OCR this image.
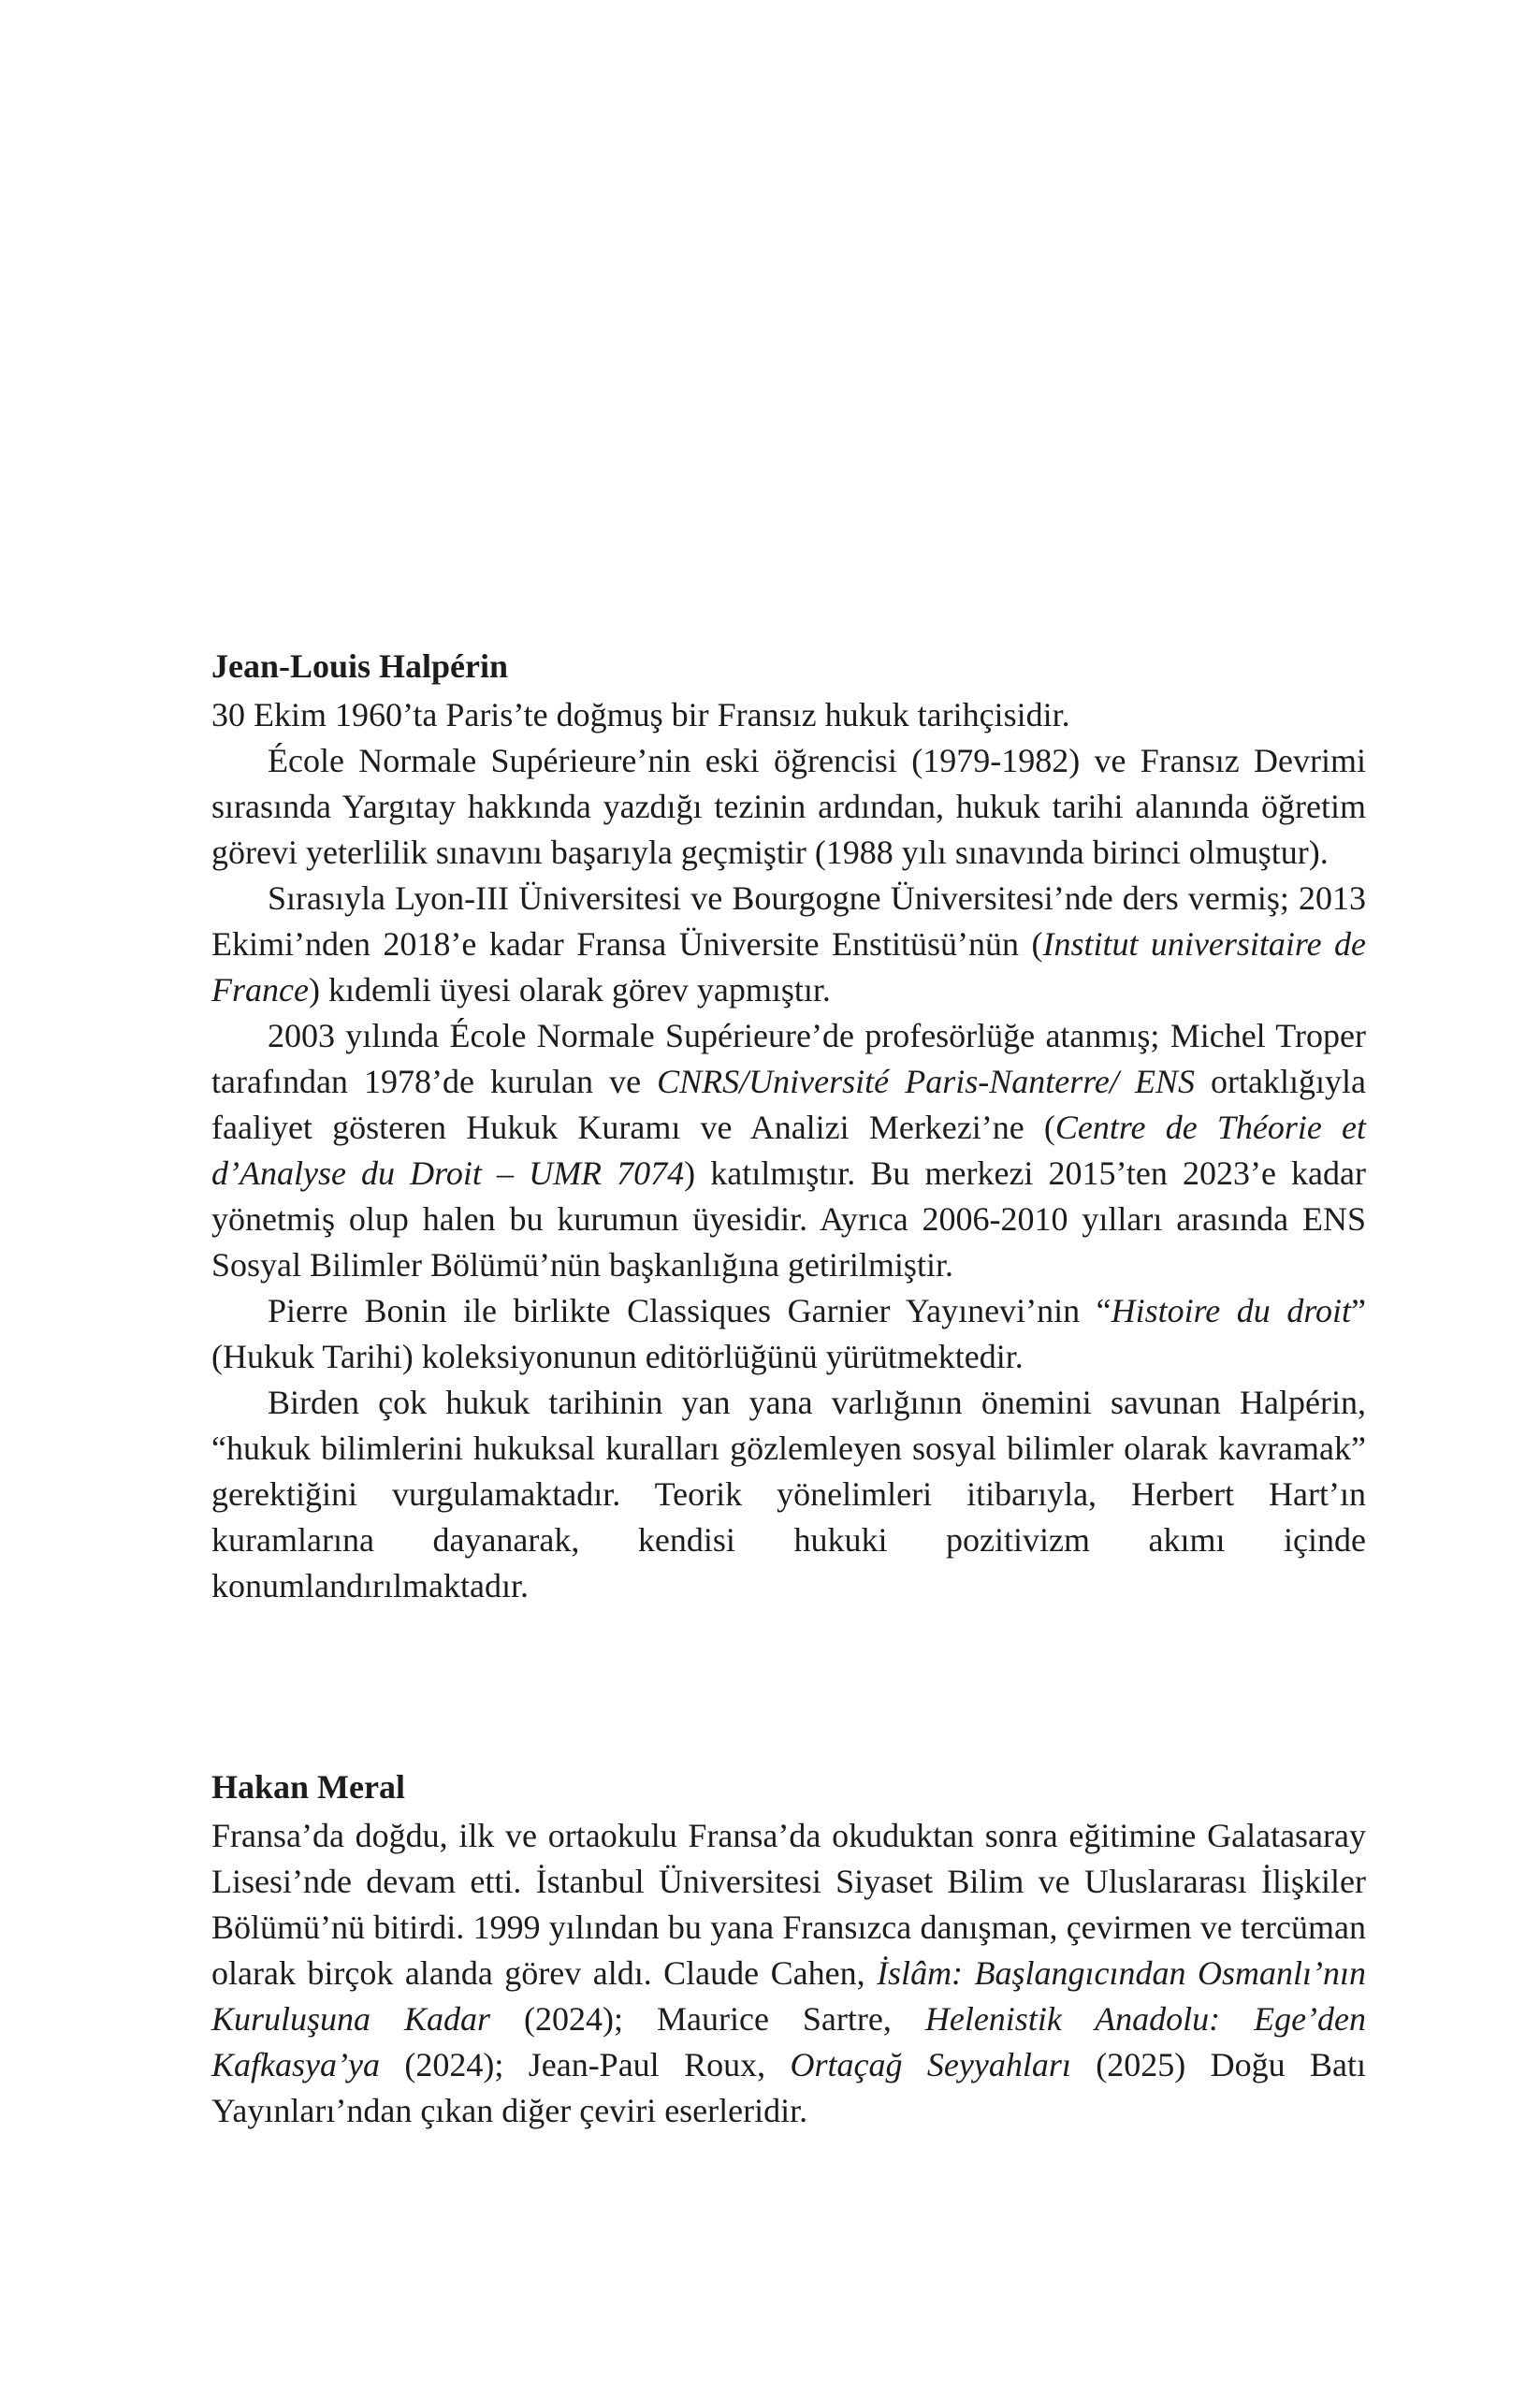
Jean-Louis Halpérin

30 Ekim 1960’ta Paris’te doğmuş bir Fransız hukuk tarihçisidir.

École Normale Supérieure’nin eski öğrencisi (1979-1982) ve Fransız Devrimi sırasında Yargıtay hakkında yazdığı tezinin ardından, hukuk tarihi alanında öğretim görevi yeterlilik sınavını başarıyla geçmiştir (1988 yılı sınavında birinci olmuştur).

Sırasıyla Lyon-III Üniversitesi ve Bourgogne Üniversitesi’nde ders vermiş; 2013 Ekimi’nden 2018’e kadar Fransa Üniversite Enstitüsü’nün (Institut universitaire de France) kıdemli üyesi olarak görev yapmıştır.

2003 yılında École Normale Supérieure’de profesörlüğe atanmış; Michel Troper tarafından 1978’de kurulan ve CNRS/Université Paris-Nanterre/ ENS ortaklığıyla faaliyet gösteren Hukuk Kuramı ve Analizi Merkezi’ne (Centre de Théorie et d’Analyse du Droit – UMR 7074) katılmıştır. Bu merkezi 2015’ten 2023’e kadar yönetmiş olup halen bu kurumun üyesidir. Ayrıca 2006-2010 yılları arasında ENS Sosyal Bilimler Bölümü’nün başkanlığına getirilmiştir.

Pierre Bonin ile birlikte Classiques Garnier Yayınevi’nin “Histoire du droit” (Hukuk Tarihi) koleksiyonunun editörlüğünü yürütmektedir.

Birden çok hukuk tarihinin yan yana varlığının önemini savunan Halpérin, “hukuk bilimlerini hukuksal kuralları gözlemleyen sosyal bilimler olarak kavramak” gerektiğini vurgulamaktadır. Teorik yönelimleri itibarıyla, Herbert Hart’ın kuramlarına dayanarak, kendisi hukuki pozitivizm akımı içinde konumlandırılmaktadır.

Hakan Meral

Fransa’da doğdu, ilk ve ortaokulu Fransa’da okuduktan sonra eğitimine Galatasaray Lisesi’nde devam etti. İstanbul Üniversitesi Siyaset Bilim ve Uluslararası İlişkiler Bölümü’nü bitirdi. 1999 yılından bu yana Fransızca danışman, çevirmen ve tercüman olarak birçok alanda görev aldı. Claude Cahen, İslâm: Başlangıcından Osmanlı’nın Kuruluşuna Kadar (2024); Maurice Sartre, Helenistik Anadolu: Ege’den Kafkasya’ya (2024); Jean-Paul Roux, Ortaçağ Seyyahları (2025) Doğu Batı Yayınları’ndan çıkan diğer çeviri eserleridir.
